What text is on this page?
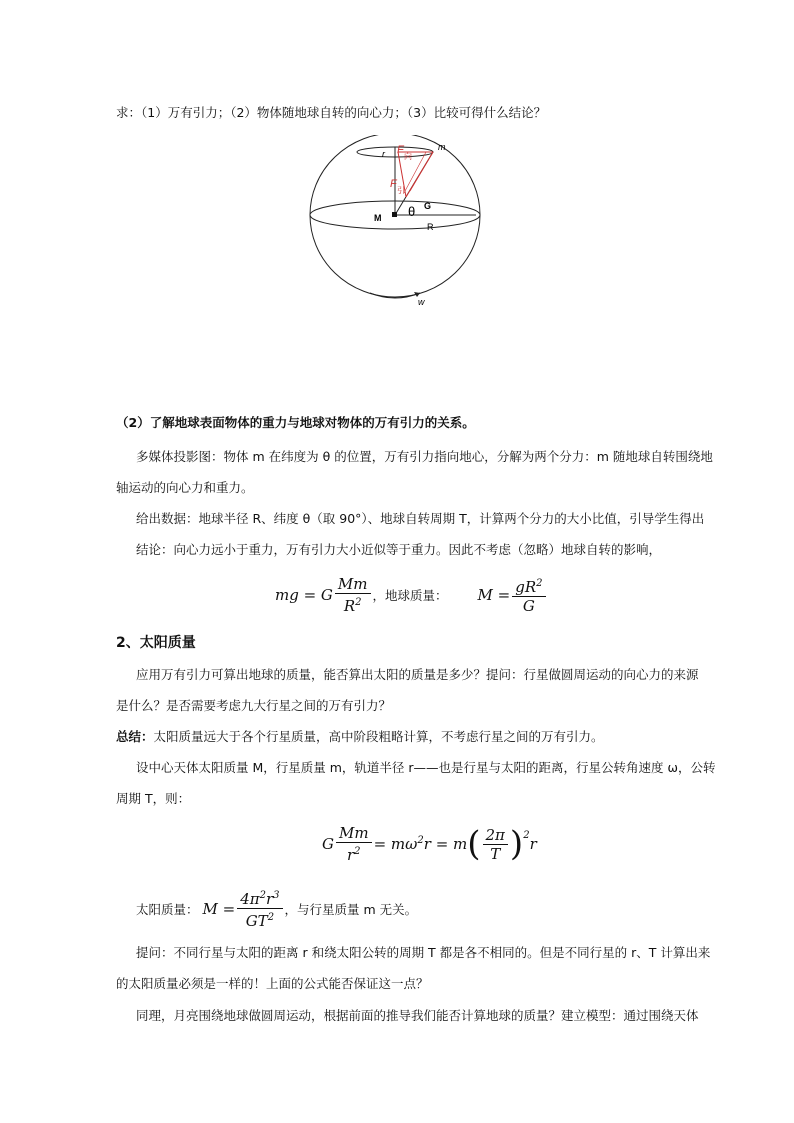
求：（1）万有引力；（2）物体随地球自转的向心力；（3）比较可得什么结论？
r F
向
m
F
引
G
θ
M
R
w
（2）了解地球表面物体的重力与地球对物体的万有引力的关系。
多媒体投影图：物体 m 在纬度为 θ 的位置，万有引力指向地心，分解为两个分力：m 随地球自转围绕地
轴运动的向心力和重力。
给出数据：地球半径 R、纬度 θ（取 90°）、地球自转周期 T，计算两个分力的大小比值，引导学生得出
结论：向心力远小于重力，万有引力大小近似等于重力。因此不考虑（忽略）地球自转的影响，
mg = G $\frac{Mm}{R^2}$ ，地球质量： $M = \frac{gR^2}{G}$
2、太阳质量
应用万有引力可算出地球的质量，能否算出太阳的质量是多少？提问：行星做圆周运动的向心力的来源
是什么？是否需要考虑九大行星之间的万有引力？
总结：太阳质量远大于各个行星质量，高中阶段粗略计算，不考虑行星之间的万有引力。
设中心天体太阳质量 M，行星质量 m，轨道半径 r——也是行星与太阳的距离，行星公转角速度 ω，公转
周期 T，则：
G $\frac{Mm}{r^2} = m\omega^2r = m$ ( $\frac{2\pi}{T} )^2$ r
太阳质量： $M = \frac{4\pi^2r^3}{GT^2}$ ，与行星质量 m 无关。
提问：不同行星与太阳的距离 r 和绕太阳公转的周期 T 都是各不相同的。但是不同行星的 r、T 计算出来
的太阳质量必须是一样的！上面的公式能否保证这一点？
同理，月亮围绕地球做圆周运动，根据前面的推导我们能否计算地球的质量？建立模型：通过围绕天体
